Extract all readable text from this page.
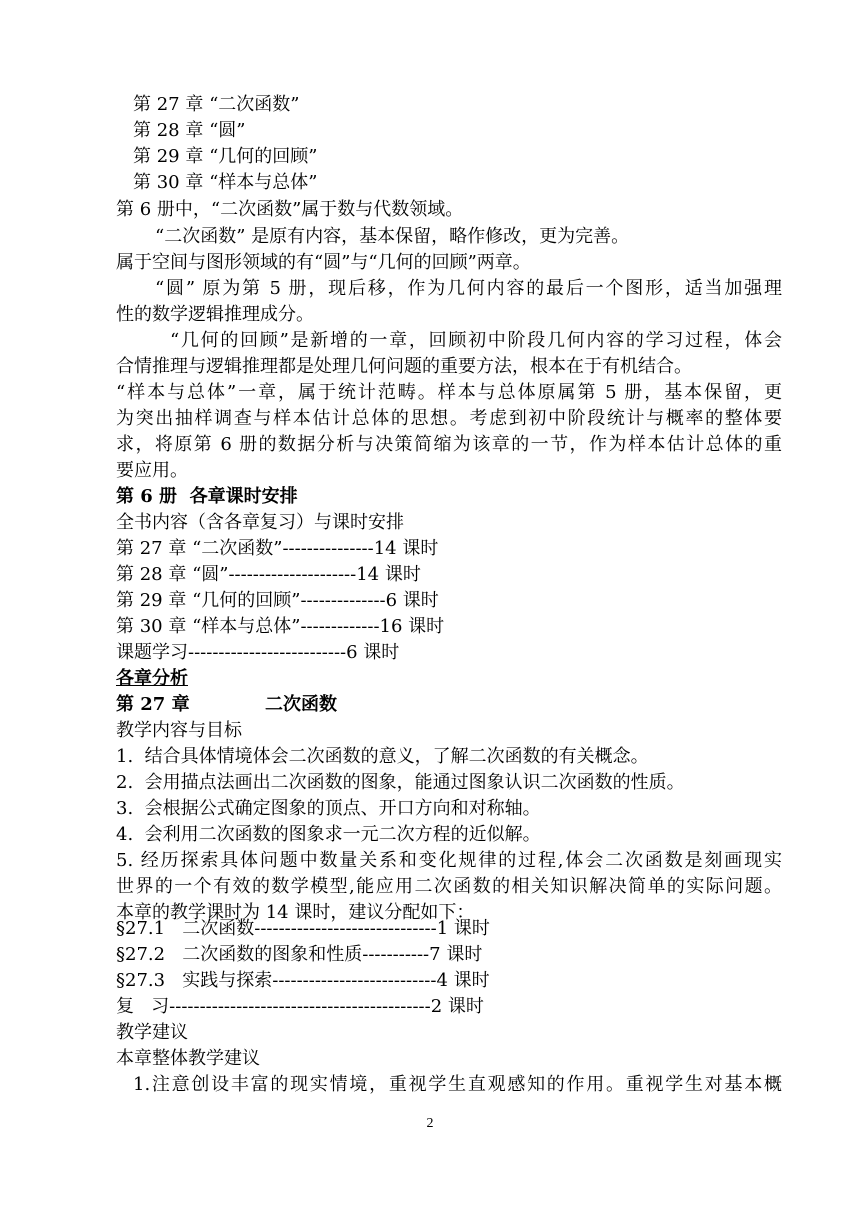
第 27 章 “二次函数”
第 28 章 “圆”
第 29 章 “几何的回顾”
第 30 章 “样本与总体”
第 6 册中，“二次函数”属于数与代数领域。
“二次函数” 是原有内容，基本保留，略作修改，更为完善。
属于空间与图形领域的有“圆”与“几何的回顾”两章。
“圆” 原为第 5 册，现后移，作为几何内容的最后一个图形，适当加强理
性的数学逻辑推理成分。
“几何的回顾”是新增的一章，回顾初中阶段几何内容的学习过程，体会
合情推理与逻辑推理都是处理几何问题的重要方法，根本在于有机结合。
“样本与总体”一章，属于统计范畴。样本与总体原属第 5 册，基本保留，更
为突出抽样调查与样本估计总体的思想。考虑到初中阶段统计与概率的整体要
求，将原第 6 册的数据分析与决策简缩为该章的一节，作为样本估计总体的重
要应用。
第 6 册  各章课时安排
全书内容（含各章复习）与课时安排
第 27 章 “二次函数”---------------14 课时
第 28 章 “圆”---------------------14 课时
第 29 章 “几何的回顾”--------------6 课时
第 30 章 “样本与总体”-------------16 课时
课题学习--------------------------6 课时
各章分析
第 27 章	二次函数
教学内容与目标
1.  结合具体情境体会二次函数的意义，了解二次函数的有关概念。
2.  会用描点法画出二次函数的图象，能通过图象认识二次函数的性质。
3.  会根据公式确定图象的顶点、开口方向和对称轴。
4.  会利用二次函数的图象求一元二次方程的近似解。
5. 经历探索具体问题中数量关系和变化规律的过程,体会二次函数是刻画现实
世界的一个有效的数学模型,能应用二次函数的相关知识解决简单的实际问题。
本章的教学课时为 14 课时，建议分配如下：
§27.1   二次函数------------------------------1 课时
§27.2   二次函数的图象和性质-----------7 课时
§27.3   实践与探索---------------------------4 课时
复   习-------------------------------------------2 课时
教学建议
本章整体教学建议
1.注意创设丰富的现实情境，重视学生直观感知的作用。重视学生对基本概
2
